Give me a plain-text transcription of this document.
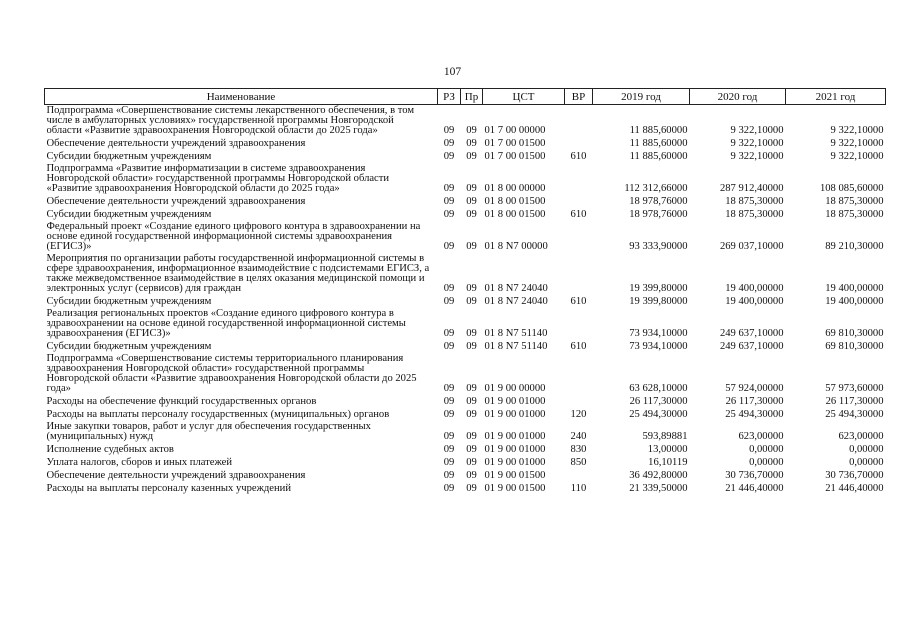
107
Наименование	РЗ	Пр	ЦСТ	ВР	2019 год	2020 год	2021 год
Подпрограмма «Совершенствование системы лекарственного обеспечения, в том числе в амбулаторных условиях» государственной программы Новгородской области «Развитие здравоохранения Новгородской области до 2025 года»	09	09	01 7 00 00000		11 885,60000	9 322,10000	9 322,10000
Обеспечение деятельности учреждений здравоохранения	09	09	01 7 00 01500		11 885,60000	9 322,10000	9 322,10000
Субсидии бюджетным учреждениям	09	09	01 7 00 01500	610	11 885,60000	9 322,10000	9 322,10000
Подпрограмма «Развитие информатизации в системе здравоохранения Новгородской области» государственной программы Новгородской области «Развитие здравоохранения Новгородской области до 2025 года»	09	09	01 8 00 00000		112 312,66000	287 912,40000	108 085,60000
Обеспечение деятельности учреждений здравоохранения	09	09	01 8 00 01500		18 978,76000	18 875,30000	18 875,30000
Субсидии бюджетным учреждениям	09	09	01 8 00 01500	610	18 978,76000	18 875,30000	18 875,30000
Федеральный проект «Создание единого цифрового контура в здравоохранении на основе единой государственной информационной системы здравоохранения (ЕГИСЗ)»	09	09	01 8 N7 00000		93 333,90000	269 037,10000	89 210,30000
Мероприятия по организации работы государственной информационной системы в сфере здравоохранения, информационное взаимодействие с подсистемами ЕГИСЗ, а также межведомственное взаимодействие в целях оказания медицинской помощи и электронных услуг (сервисов) для граждан	09	09	01 8 N7 24040		19 399,80000	19 400,00000	19 400,00000
Субсидии бюджетным учреждениям	09	09	01 8 N7 24040	610	19 399,80000	19 400,00000	19 400,00000
Реализация региональных проектов «Создание единого цифрового контура в здравоохранении на основе единой государственной информационной системы здравоохранения (ЕГИСЗ)»	09	09	01 8 N7 51140		73 934,10000	249 637,10000	69 810,30000
Субсидии бюджетным учреждениям	09	09	01 8 N7 51140	610	73 934,10000	249 637,10000	69 810,30000
Подпрограмма «Совершенствование системы территориального планирования здравоохранения Новгородской области» государственной программы Новгородской области «Развитие здравоохранения Новгородской области до 2025 года»	09	09	01 9 00 00000		63 628,10000	57 924,00000	57 973,60000
Расходы на обеспечение функций государственных органов	09	09	01 9 00 01000		26 117,30000	26 117,30000	26 117,30000
Расходы на выплаты персоналу государственных (муниципальных) органов	09	09	01 9 00 01000	120	25 494,30000	25 494,30000	25 494,30000
Иные закупки товаров, работ и услуг для обеспечения государственных (муниципальных) нужд	09	09	01 9 00 01000	240	593,89881	623,00000	623,00000
Исполнение судебных актов	09	09	01 9 00 01000	830	13,00000	0,00000	0,00000
Уплата налогов, сборов и иных платежей	09	09	01 9 00 01000	850	16,10119	0,00000	0,00000
Обеспечение деятельности учреждений здравоохранения	09	09	01 9 00 01500		36 492,80000	30 736,70000	30 736,70000
Расходы на выплаты персоналу казенных учреждений	09	09	01 9 00 01500	110	21 339,50000	21 446,40000	21 446,40000
